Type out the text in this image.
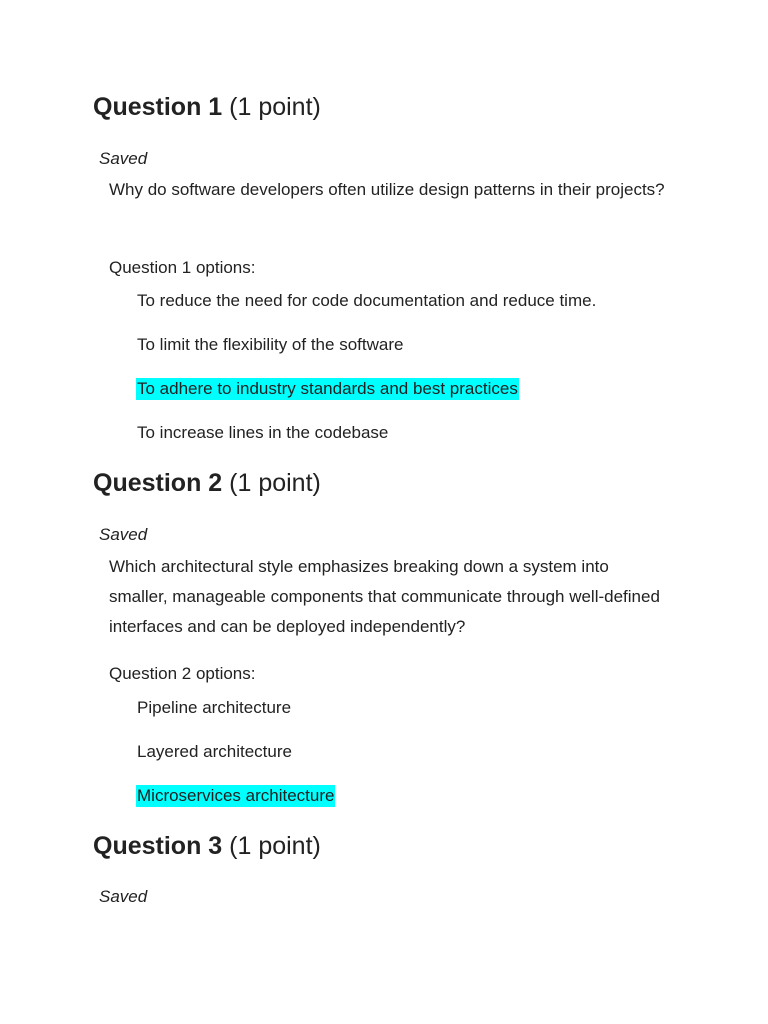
Question 1 (1 point)
Saved

Why do software developers often utilize design patterns in their projects?

Question 1 options:
To reduce the need for code documentation and reduce time.
To limit the flexibility of the software
To adhere to industry standards and best practices
To increase lines in the codebase
Question 2 (1 point)
Saved

Which architectural style emphasizes breaking down a system into smaller, manageable components that communicate through well-defined interfaces and can be deployed independently?

Question 2 options:
Pipeline architecture
Layered architecture
Microservices architecture
Question 3 (1 point)
Saved
